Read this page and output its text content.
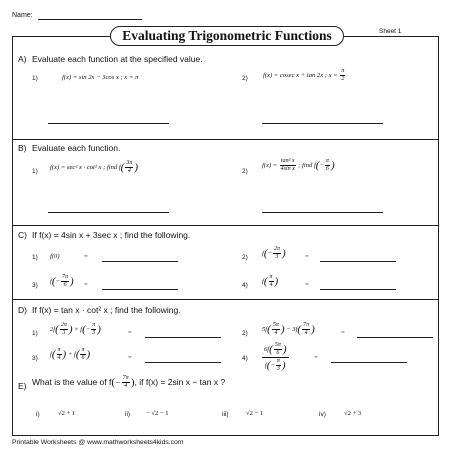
Name:
Sheet 1
Evaluating Trigonometric Functions
A) Evaluate each function at the specified value.
1)	f(x) = sin 2x − 3cos x ; x = π	2) f(x) = cosec x + tan 2x ; $x = \frac{\pi}{2}$
B) Evaluate each function.
1)
f(x) = sec² x · cot² x ; find $f( \frac{3\pi}{4}$ )	2)
$f(x) = \frac{\text{tan² x}}{\text{4sin x}}$ ; find $f(- \frac{\pi}{6}$ )
C) If f(x) = 4sin x + 3sec x ; find the following.
1) f(0)	=	2)
$f(- \frac{2\pi}{3}$ )	=
3)
$f(- \frac{7\pi}{6}$ ) =	4)
$f( \frac{\pi}{4}$ )	=
D) If f(x) = tan x · cot² x ; find the following.
1)
$2f( \frac{2\pi}{3}$ ) × $f(- \frac{\pi}{3}$ )	=	2)
$5f( \frac{5\pi}{4}$ ) − $3f( \frac{7\pi}{4}$ )	=
3)
$f( \frac{\pi}{4}$ ) + $f( \frac{\pi}{6}$ )	=	4)
$6f( \frac{5\pi}{6}$ )
$f(- \frac{\pi}{3}$ )
=
E) What is the value of $f(- \frac{7\pi}{4}$ ), if f(x) = 2sin x − tan x ?
i)	√2 + 1	ii) − √2 − 1	iii)	√2 − 1	iv)	√2 + 3
Printable Worksheets @ www.mathworksheets4kids.com
